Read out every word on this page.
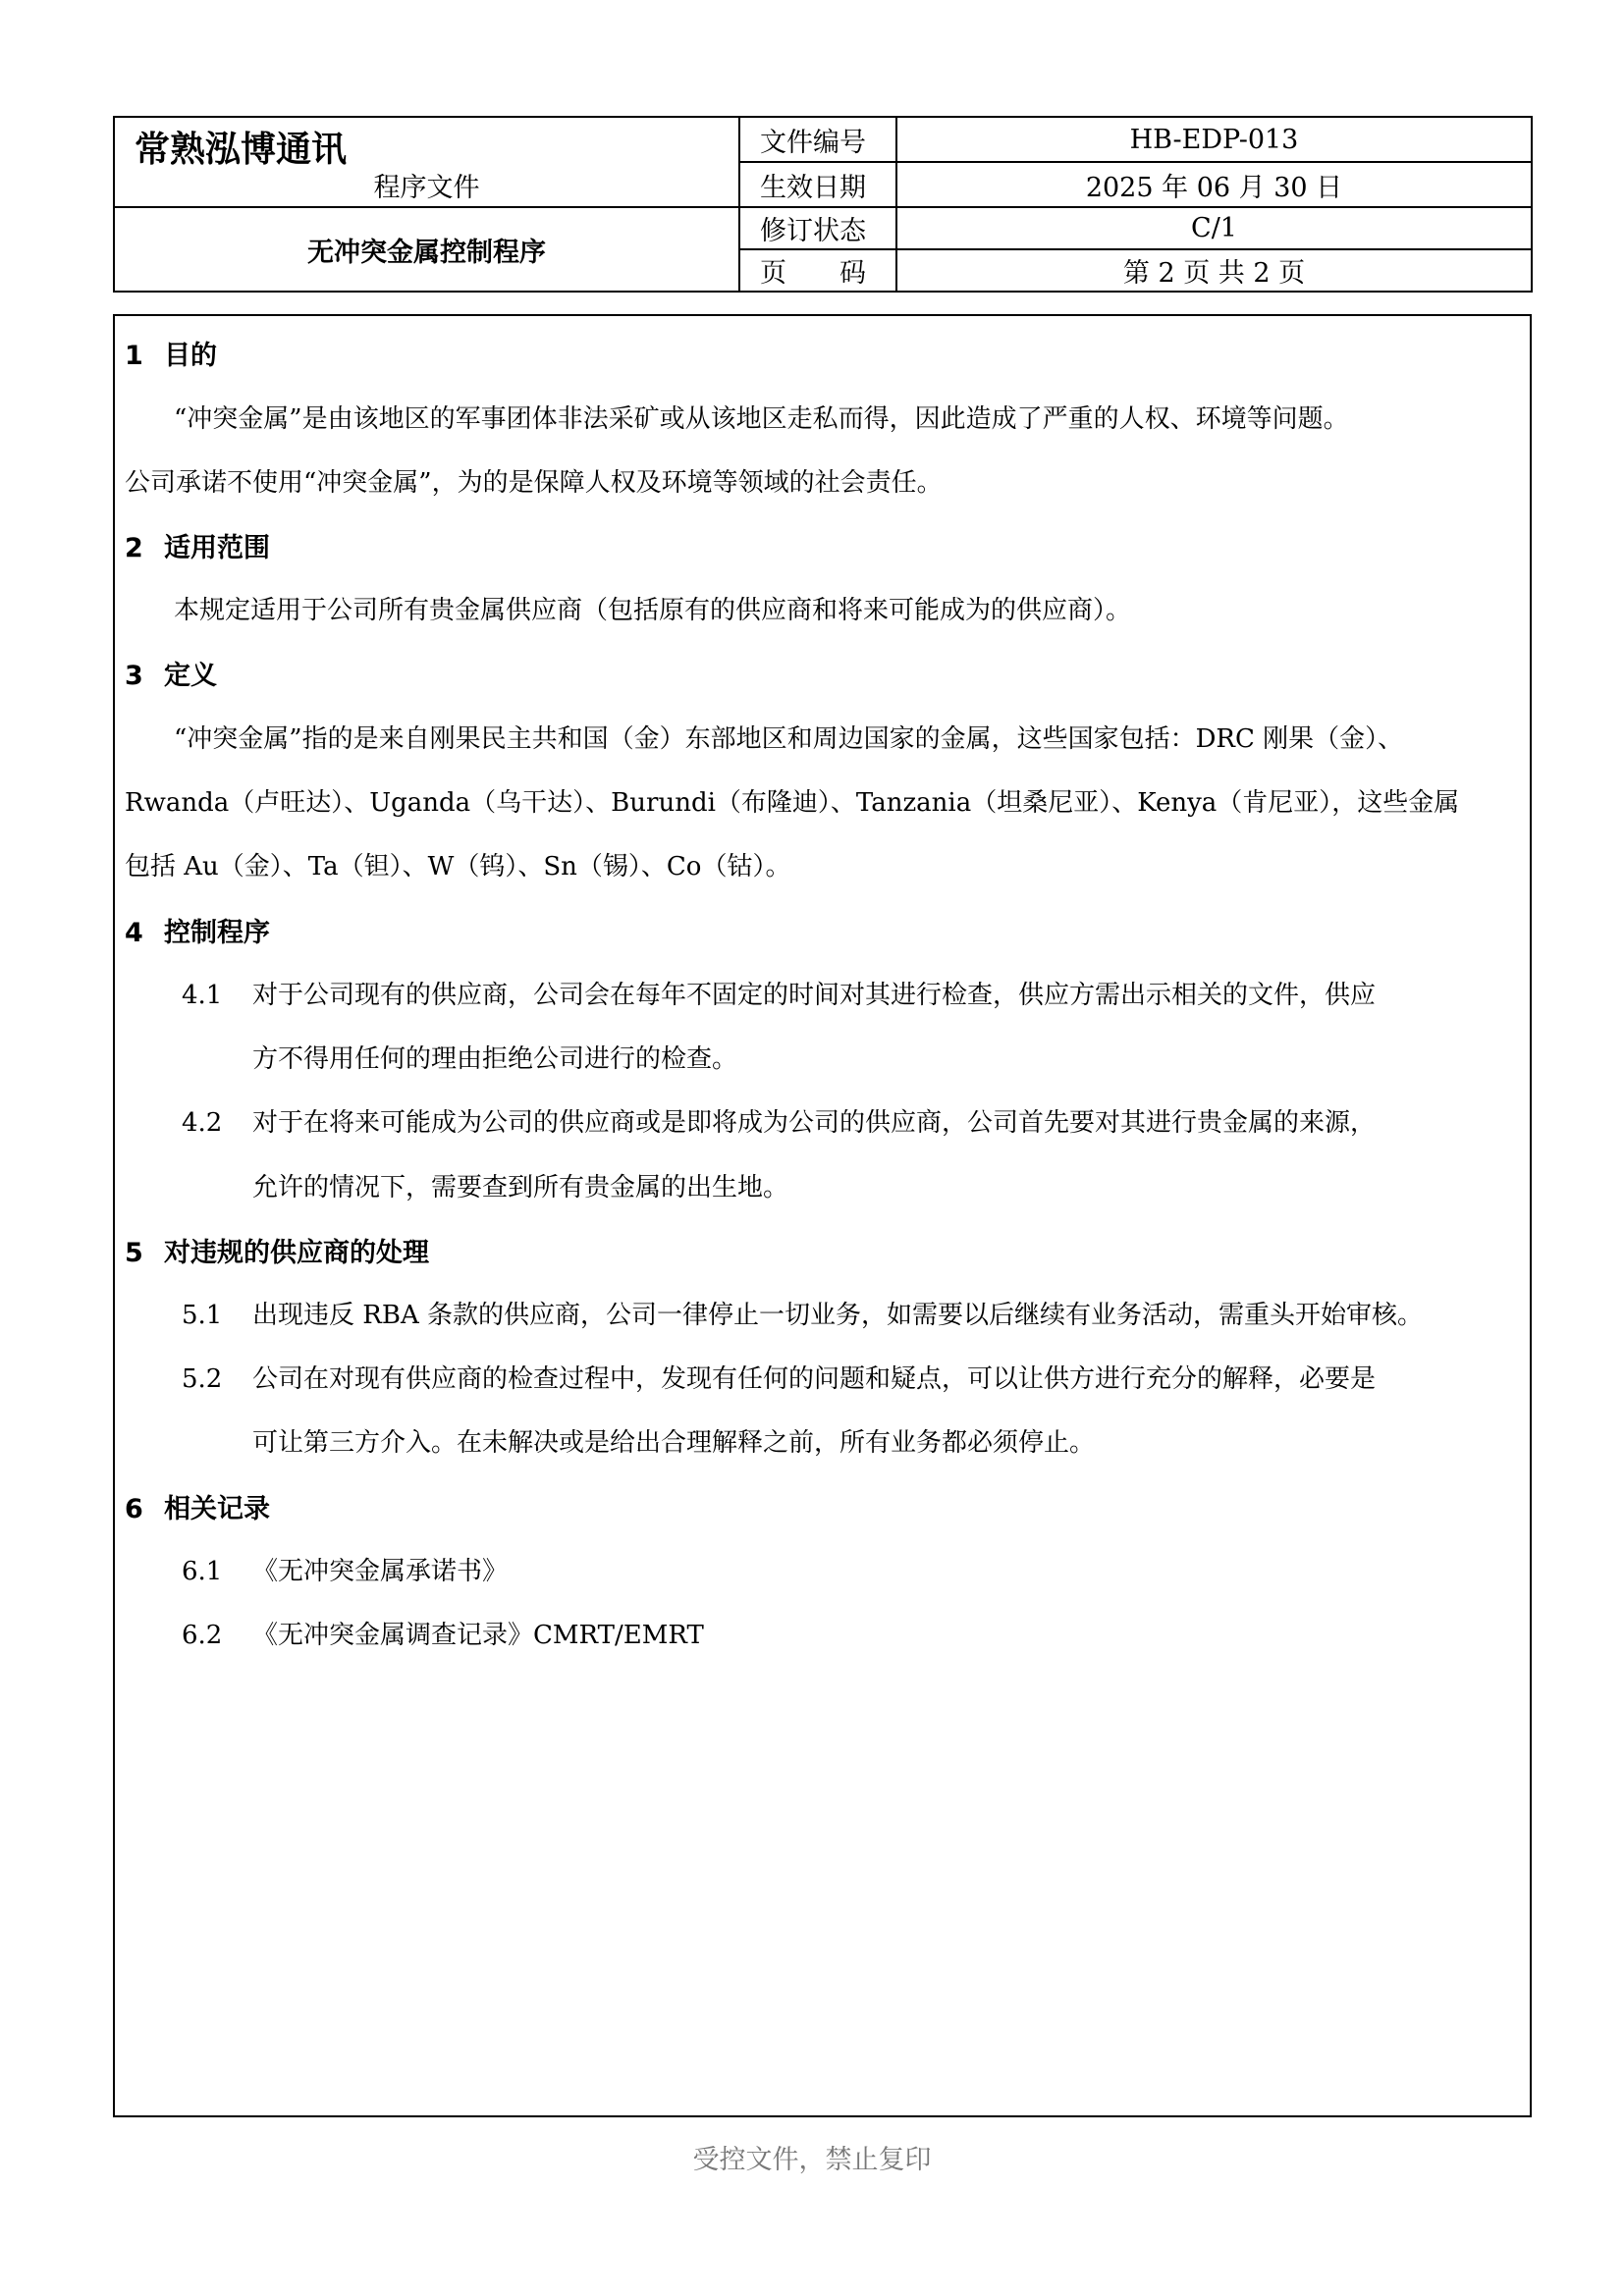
常熟泓博通讯
程序文件	文件编号	HB-EDP-013
	生效日期	2025 年 06 月 30 日
无冲突金属控制程序	修订状态	C/1
	页　　码	第 2 页 共 2 页
1 目的
“冲突金属”是由该地区的军事团体非法采矿或从该地区走私而得，因此造成了严重的人权、环境等问题。
公司承诺不使用“冲突金属”，为的是保障人权及环境等领域的社会责任。
2 适用范围
本规定适用于公司所有贵金属供应商（包括原有的供应商和将来可能成为的供应商）。
3 定义
“冲突金属”指的是来自刚果民主共和国（金）东部地区和周边国家的金属，这些国家包括：DRC 刚果（金）、
Rwanda（卢旺达）、Uganda（乌干达）、Burundi（布隆迪）、Tanzania（坦桑尼亚）、Kenya（肯尼亚），这些金属
包括 Au（金）、Ta（钽）、W（钨）、Sn（锡）、Co（钴）。
4 控制程序
4.1 对于公司现有的供应商，公司会在每年不固定的时间对其进行检查，供应方需出示相关的文件，供应
方不得用任何的理由拒绝公司进行的检查。
4.2 对于在将来可能成为公司的供应商或是即将成为公司的供应商，公司首先要对其进行贵金属的来源，
允许的情况下，需要查到所有贵金属的出生地。
5 对违规的供应商的处理
5.1 出现违反 RBA 条款的供应商，公司一律停止一切业务，如需要以后继续有业务活动，需重头开始审核。
5.2 公司在对现有供应商的检查过程中，发现有任何的问题和疑点，可以让供方进行充分的解释，必要是
可让第三方介入。在未解决或是给出合理解释之前，所有业务都必须停止。
6 相关记录
6.1 《无冲突金属承诺书》
6.2 《无冲突金属调查记录》CMRT/EMRT
受控文件，禁止复印
